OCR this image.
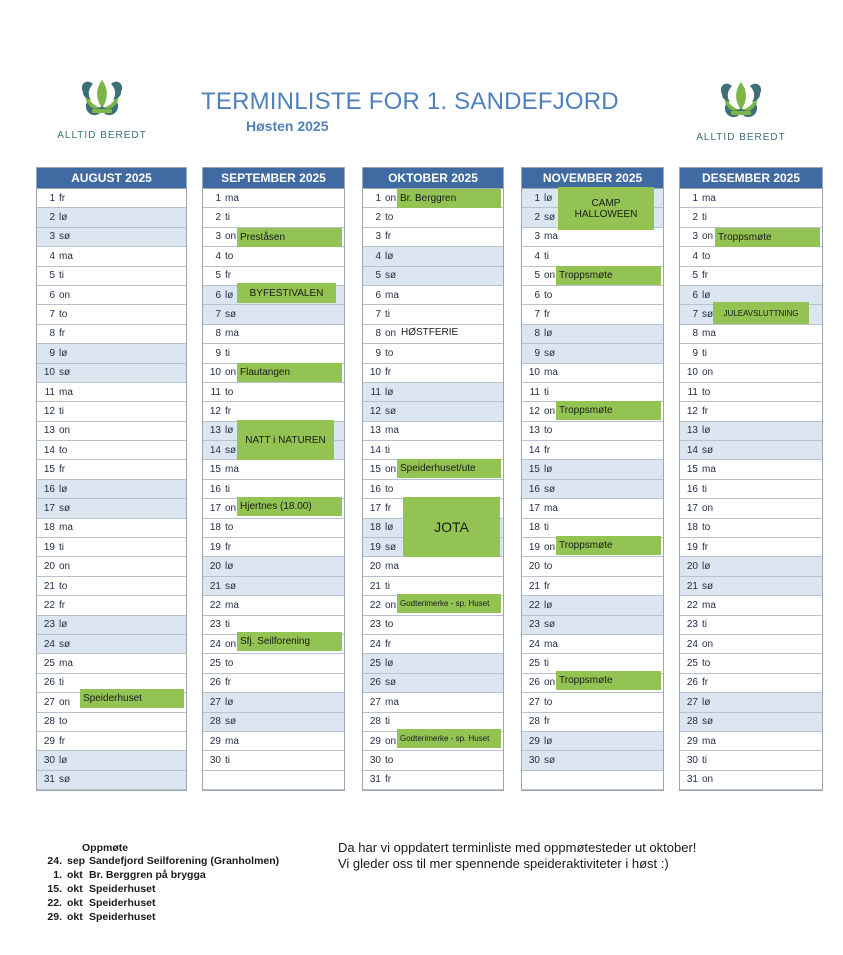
ALLTID BEREDT	ALLTID BEREDT
TERMINLISTE FOR 1. SANDEFJORD
Høsten 2025
AUGUST 2025
1 fr
2 lø
3 sø
4 ma
5 ti
6 on
7 to
8 fr
9 lø
10 sø
11 ma
12 ti
13 on
14 to
15 fr
16 lø
17 sø
18 ma
19 ti
20 on
21 to
22 fr
23 lø
24 sø
25 ma
26 ti
27 on
28 to
29 fr
30 lø
31 sø
SEPTEMBER 2025
1 ma
2 ti
3 on
4 to
5 fr
6 lø
7 sø
8 ma
9 ti
10 on
11 to
12 fr
13 lø
14 sø
15 ma
16 ti
17 on
18 to
19 fr
20 lø
21 sø
22 ma
23 ti
24 on
25 to
26 fr
27 lø
28 sø
29 ma
30 ti
OKTOBER 2025
1 on
2 to
3 fr
4 lø
5 sø
6 ma
7 ti
8 on
9 to
10 fr
11 lø
12 sø
13 ma
14 ti
15 on
16 to
17 fr
18 lø
19 sø
20 ma
21 ti
22 on
23 to
24 fr
25 lø
26 sø
27 ma
28 ti
29 on
30 to
31 fr
NOVEMBER 2025
1 lø
2 sø
3 ma
4 ti
5 on
6 to
7 fr
8 lø
9 sø
10 ma
11 ti
12 on
13 to
14 fr
15 lø
16 sø
17 ma
18 ti
19 on
20 to
21 fr
22 lø
23 sø
24 ma
25 ti
26 on
27 to
28 fr
29 lø
30 sø
DESEMBER 2025
1 ma
2 ti
3 on
4 to
5 fr
6 lø
7 sø
8 ma
9 ti
10 on
11 to
12 fr
13 lø
14 sø
15 ma
16 ti
17 on
18 to
19 fr
20 lø
21 sø
22 ma
23 ti
24 on
25 to
26 fr
27 lø
28 sø
29 ma
30 ti
31 on
Speiderhuset
Preståsen
BYFESTIVALEN
Flautangen
NATT i NATUREN
Hjertnes (18.00)
Sfj. Seilforening
Br. Berggren
Speiderhuset/ute
JOTA
Godterimerke - sp. Huset
Godterimerke - sp. Huset
CAMP HALLOWEEN
Troppsmøte
Troppsmøte
Troppsmøte
Troppsmøte
Troppsmøte
JULEAVSLUTTNING
HØSTFERIE
Oppmøte
24. sep Sandefjord Seilforening (Granholmen)
1. okt Br. Berggren på brygga
15. okt Speiderhuset
22. okt Speiderhuset
29. okt Speiderhuset
Da har vi oppdatert terminliste med oppmøtesteder ut oktober!
Vi gleder oss til mer spennende speideraktiviteter i høst :)
